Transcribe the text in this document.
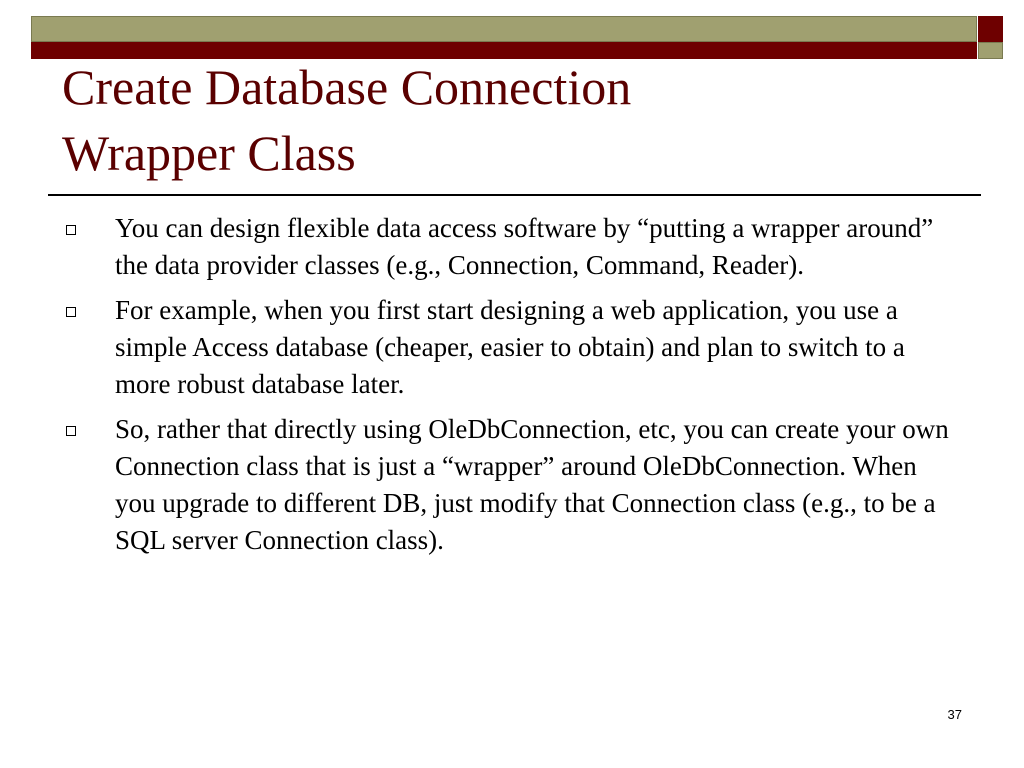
Create Database Connection
Wrapper Class
You can design flexible data access software by “putting a wrapper around” the data provider classes (e.g., Connection, Command, Reader).
For example, when you first start designing a web application, you use a simple Access database (cheaper, easier to obtain) and plan to switch to a more robust database later.
So, rather that directly using OleDbConnection, etc, you can create your own Connection class that is just a “wrapper” around OleDbConnection. When you upgrade to different DB, just modify that Connection class (e.g., to be a SQL server Connection class).
37
